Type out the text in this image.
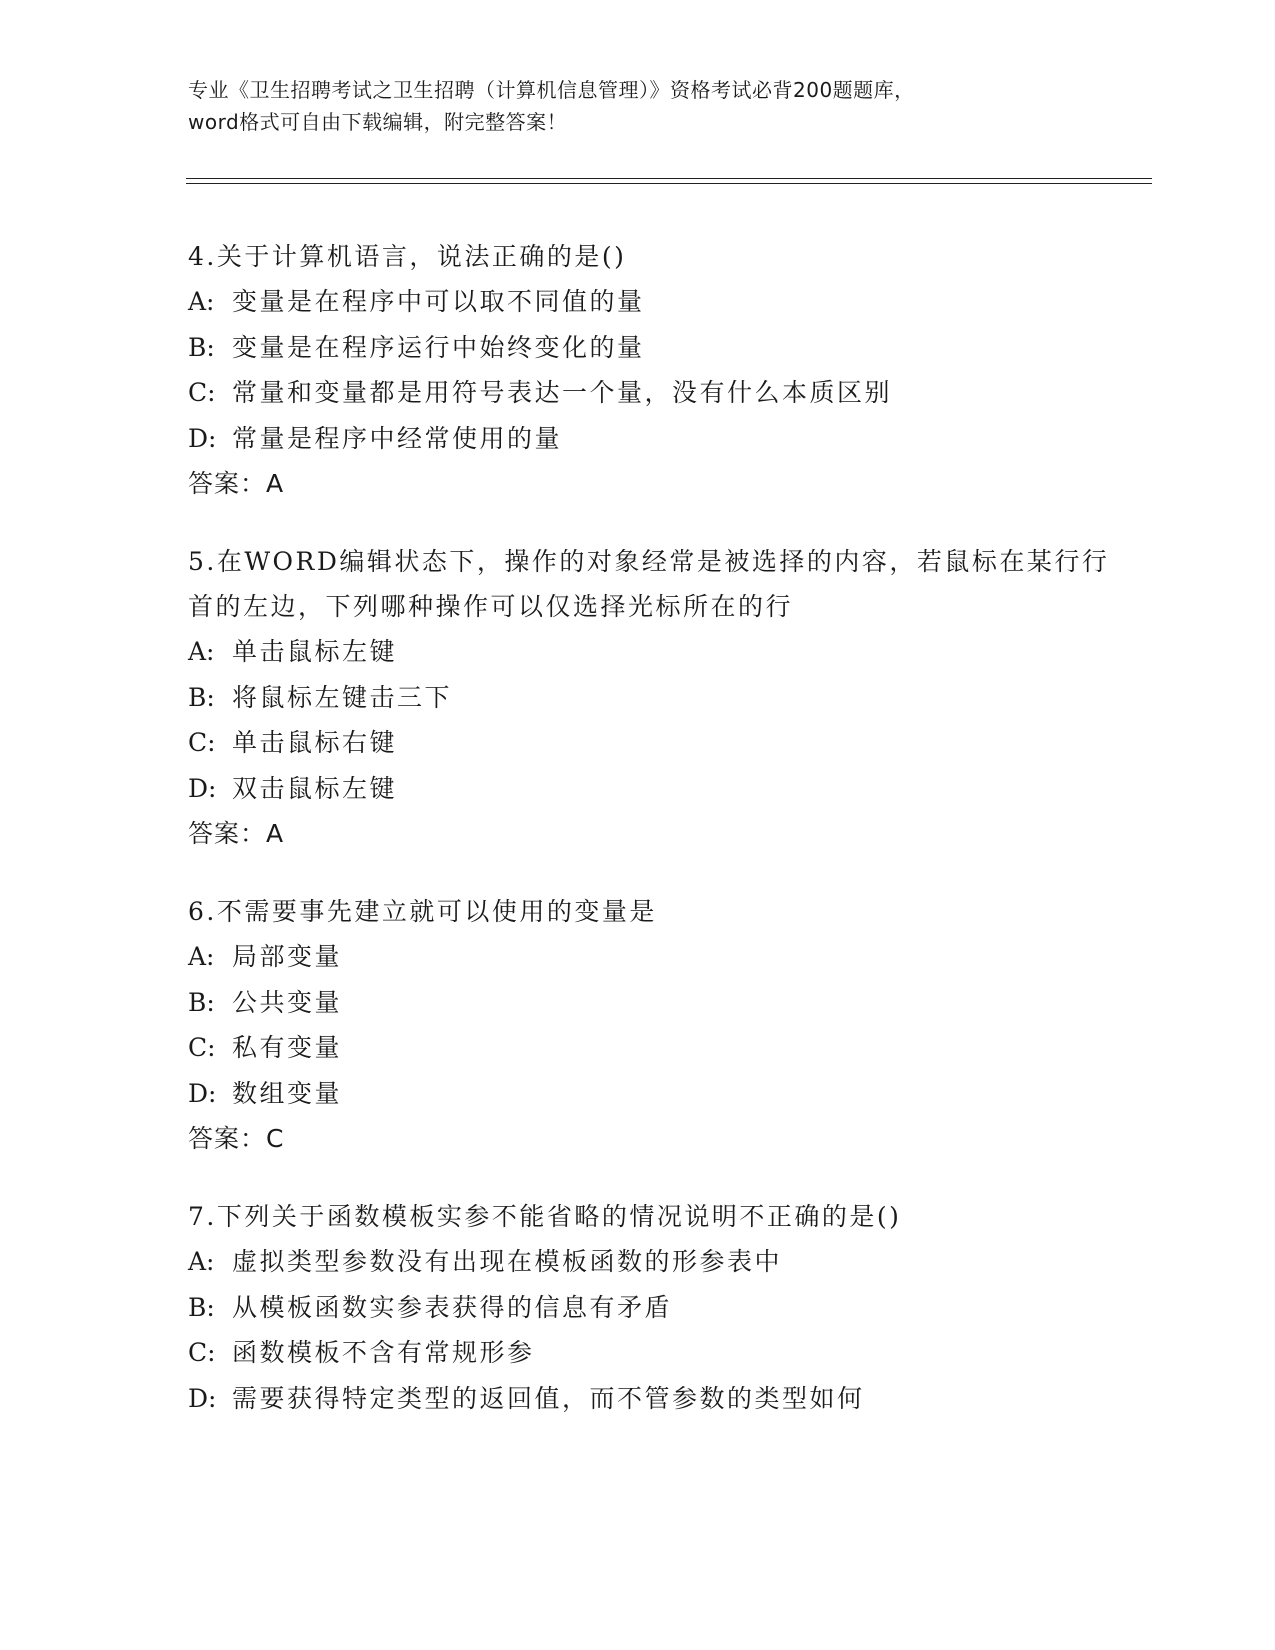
专业《卫生招聘考试之卫生招聘（计算机信息管理）》资格考试必背200题题库，
word格式可自由下载编辑，附完整答案！
4.关于计算机语言，说法正确的是()
A: 变量是在程序中可以取不同值的量
B: 变量是在程序运行中始终变化的量
C: 常量和变量都是用符号表达一个量，没有什么本质区别
D: 常量是程序中经常使用的量
答案：A
5.在WORD编辑状态下，操作的对象经常是被选择的内容，若鼠标在某行行首的左边，下列哪种操作可以仅选择光标所在的行
A: 单击鼠标左键
B: 将鼠标左键击三下
C: 单击鼠标右键
D: 双击鼠标左键
答案：A
6.不需要事先建立就可以使用的变量是
A: 局部变量
B: 公共变量
C: 私有变量
D: 数组变量
答案：C
7.下列关于函数模板实参不能省略的情况说明不正确的是()
A: 虚拟类型参数没有出现在模板函数的形参表中
B: 从模板函数实参表获得的信息有矛盾
C: 函数模板不含有常规形参
D: 需要获得特定类型的返回值，而不管参数的类型如何
